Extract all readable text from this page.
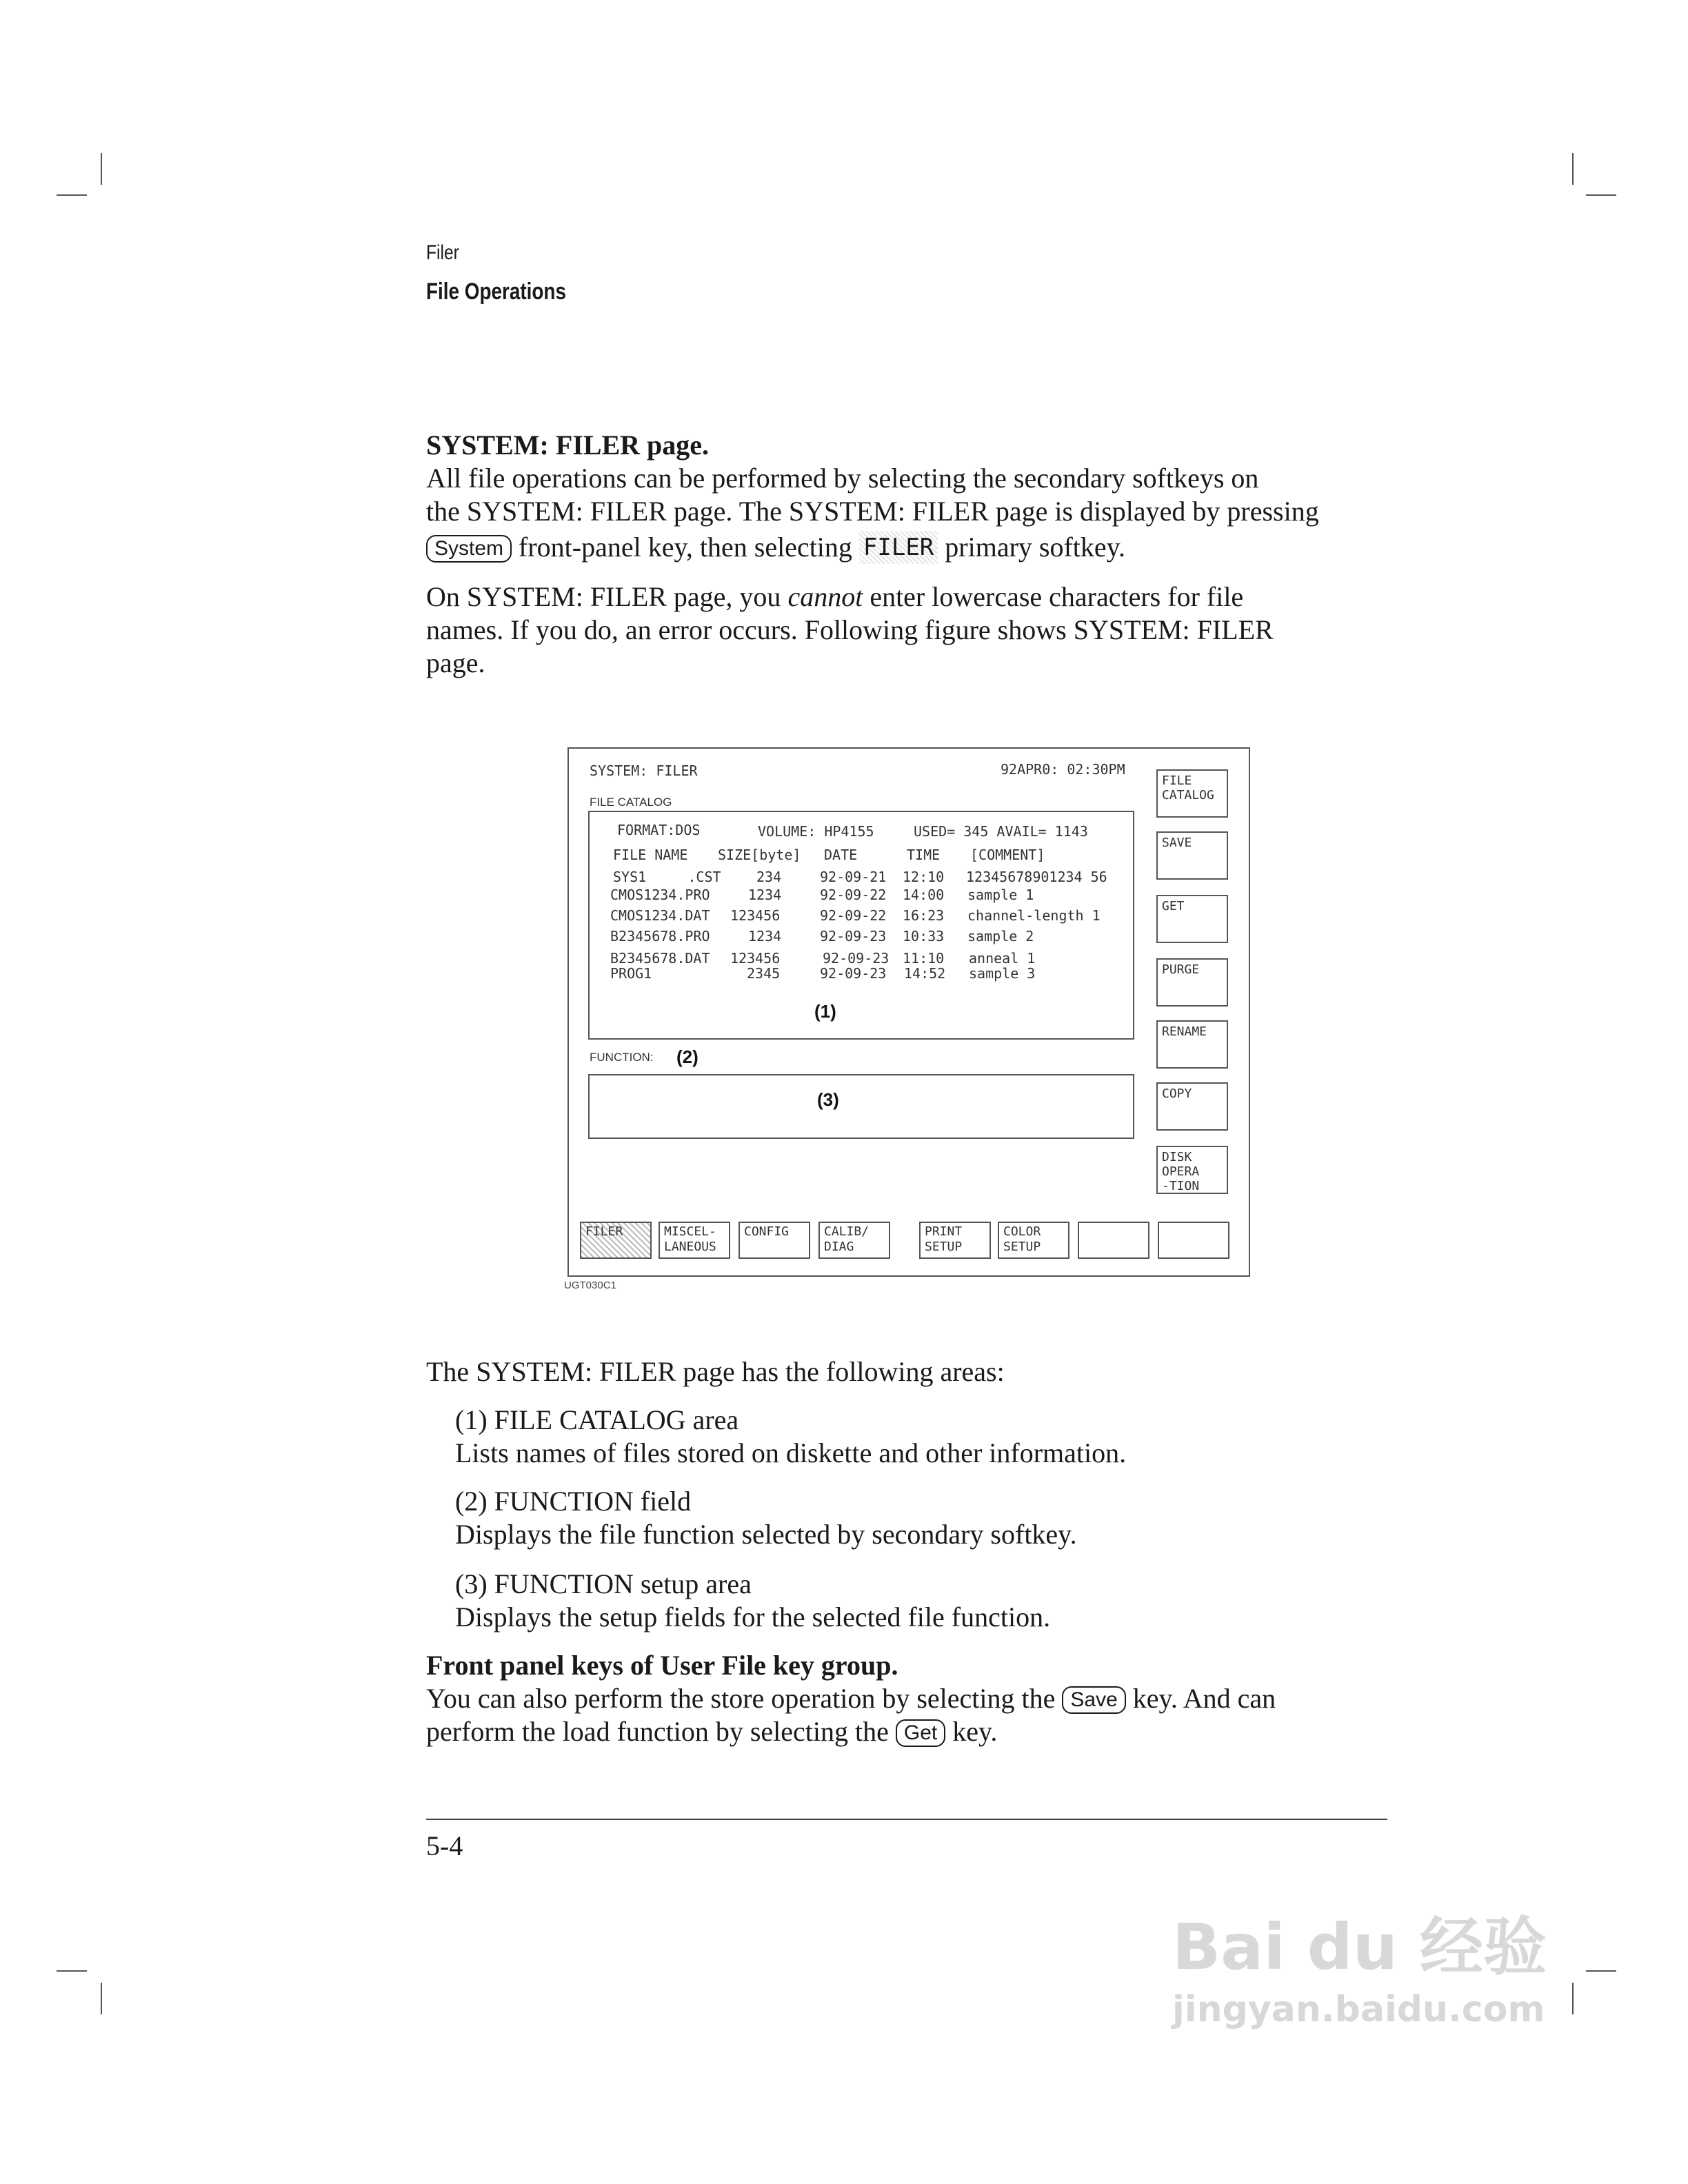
Filer
File Operations
SYSTEM: FILER page.
All file operations can be performed by selecting the secondary softkeys on
the SYSTEM: FILER page. The SYSTEM: FILER page is displayed by pressing
System front-panel key, then selecting FILER primary softkey.
On SYSTEM: FILER page, you cannot enter lowercase characters for file
names. If you do, an error occurs. Following figure shows SYSTEM: FILER
page.
SYSTEM: FILER	92APR0: 02:30PM
FILE CATALOG
FORMAT:DOS	VOLUME: HP4155	USED= 345 AVAIL= 1143
FILE NAME SIZE[byte] DATE	TIME [COMMENT]
SYS1     .CST	234	92-09-21 12:10 12345678901234 56
CMOS1234.PRO	1234	92-09-22 14:00 sample 1
CMOS1234.DAT 123456	92-09-22 16:23 channel-length 1
B2345678.PRO	1234	92-09-23 10:33 sample 2
B2345678.DAT 123456	92-09-23 11:10 anneal 1
PROG1	2345	92-09-23 14:52 sample 3
(1)
FUNCTION: (2)
(3)
FILE
CATALOG
SAVE
GET
PURGE
RENAME
COPY
DISK
OPERA
-TION
FILER	MISCEL-
LANEOUS
CONFIG	CALIB/
DIAG
PRINT
SETUP
COLOR
SETUP
UGT030C1
The SYSTEM: FILER page has the following areas:
(1) FILE CATALOG area
Lists names of files stored on diskette and other information.
(2) FUNCTION field
Displays the file function selected by secondary softkey.
(3) FUNCTION setup area
Displays the setup fields for the selected file function.
Front panel keys of User File key group.
You can also perform the store operation by selecting the Save key. And can
perform the load function by selecting the Get key.
5-4
Bai du 经验
jingyan.baidu.com
